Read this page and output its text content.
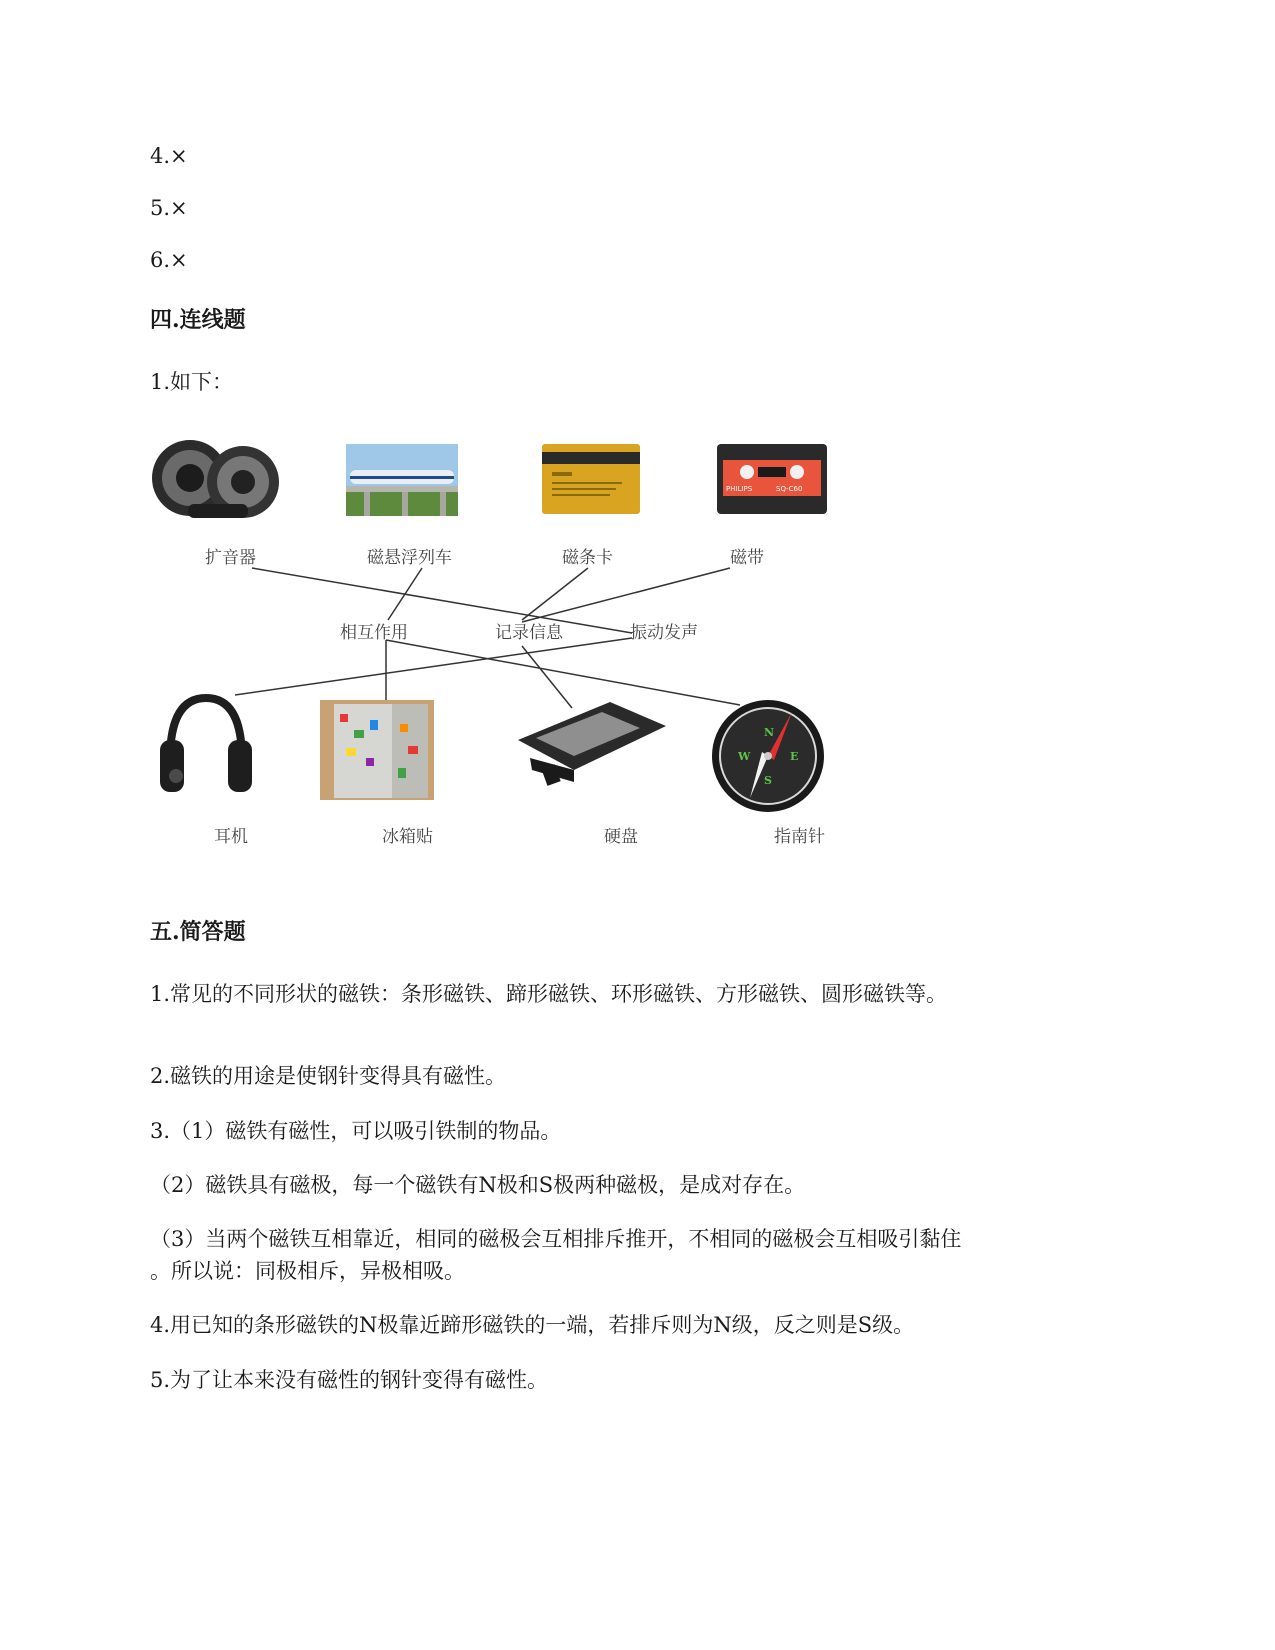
4.×
5.×
6.×
四.连线题
1.如下：
PHILIPS	SQ-C60
扩音器	磁悬浮列车	磁条卡	磁带
相互作用	记录信息	振动发声
N
E
S
W
耳机	冰箱贴	硬盘	指南针
五.简答题
1.常见的不同形状的磁铁：条形磁铁、蹄形磁铁、环形磁铁、方形磁铁、圆形磁铁等。
2.磁铁的用途是使钢针变得具有磁性。
3.（1）磁铁有磁性，可以吸引铁制的物品。
（2）磁铁具有磁极，每一个磁铁有N极和S极两种磁极，是成对存在。
（3）当两个磁铁互相靠近，相同的磁极会互相排斥推开，不相同的磁极会互相吸引黏住
。所以说：同极相斥，异极相吸。
4.用已知的条形磁铁的N极靠近蹄形磁铁的一端，若排斥则为N级，反之则是S级。
5.为了让本来没有磁性的钢针变得有磁性。
